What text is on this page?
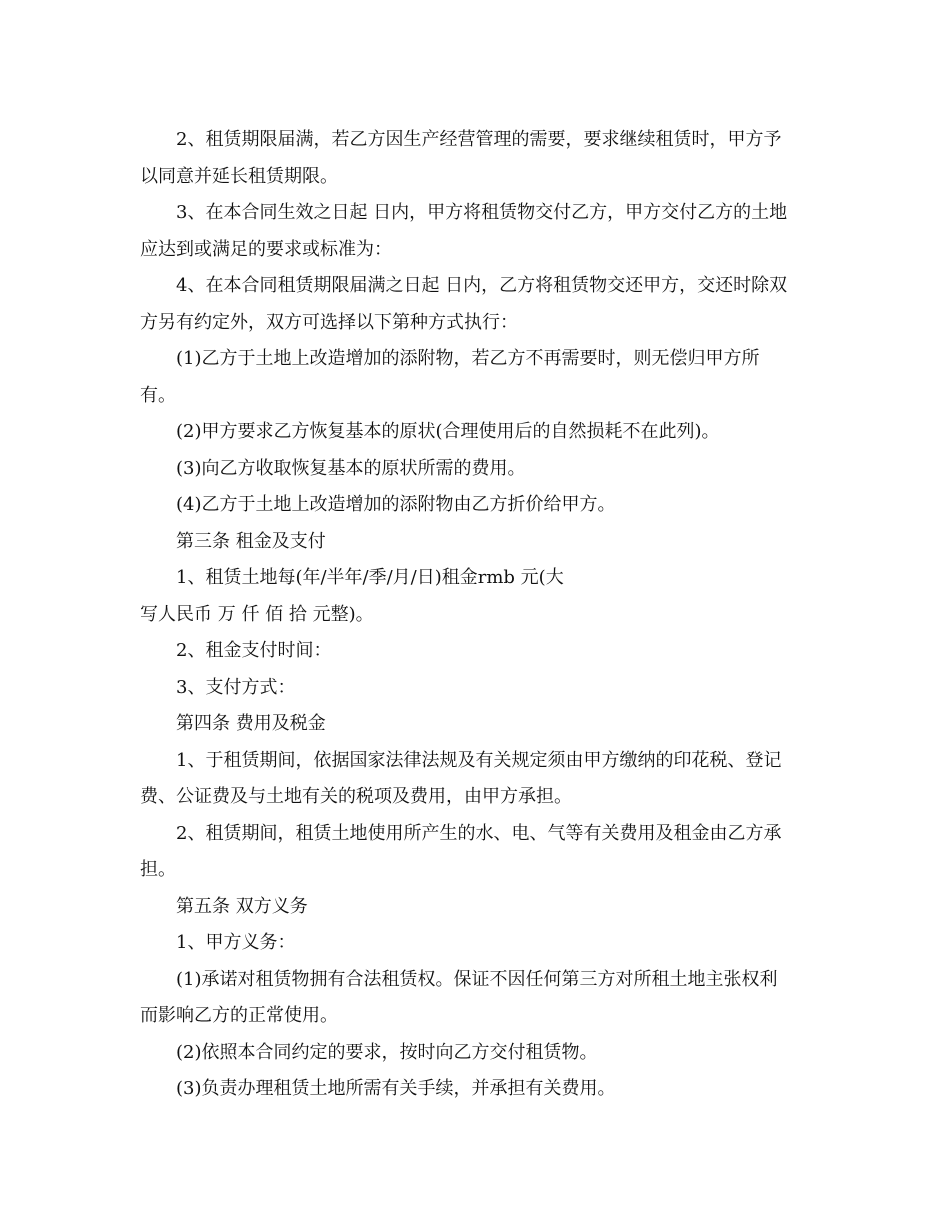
2、租赁期限届满，若乙方因生产经营管理的需要，要求继续租赁时，甲方予
以同意并延长租赁期限。
3、在本合同生效之日起 日内，甲方将租赁物交付乙方，甲方交付乙方的土地
应达到或满足的要求或标准为：
4、在本合同租赁期限届满之日起 日内，乙方将租赁物交还甲方，交还时除双
方另有约定外，双方可选择以下第种方式执行：
(1)乙方于土地上改造增加的添附物，若乙方不再需要时，则无偿归甲方所
有。
(2)甲方要求乙方恢复基本的原状(合理使用后的自然损耗不在此列)。
(3)向乙方收取恢复基本的原状所需的费用。
(4)乙方于土地上改造增加的添附物由乙方折价给甲方。
第三条 租金及支付
1、租赁土地每(年/半年/季/月/日)租金rmb 元(大
写人民币 万 仟 佰 拾 元整)。
2、租金支付时间：
3、支付方式：
第四条 费用及税金
1、于租赁期间，依据国家法律法规及有关规定须由甲方缴纳的印花税、登记
费、公证费及与土地有关的税项及费用，由甲方承担。
2、租赁期间，租赁土地使用所产生的水、电、气等有关费用及租金由乙方承
担。
第五条 双方义务
1、甲方义务：
(1)承诺对租赁物拥有合法租赁权。保证不因任何第三方对所租土地主张权利
而影响乙方的正常使用。
(2)依照本合同约定的要求，按时向乙方交付租赁物。
(3)负责办理租赁土地所需有关手续，并承担有关费用。
